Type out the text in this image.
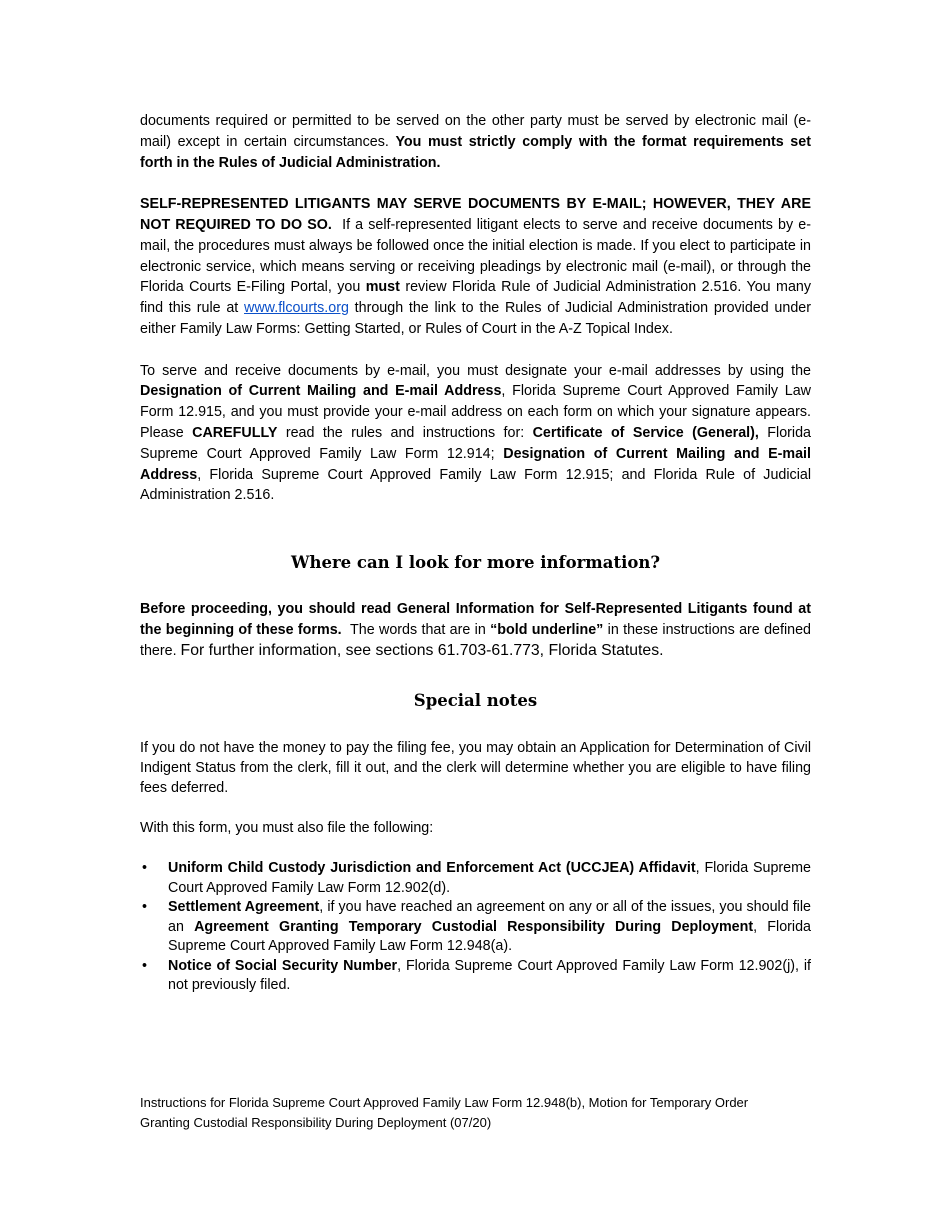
documents required or permitted to be served on the other party must be served by electronic mail (e-mail) except in certain circumstances. You must strictly comply with the format requirements set forth in the Rules of Judicial Administration.

SELF-REPRESENTED LITIGANTS MAY SERVE DOCUMENTS BY E-MAIL; HOWEVER, THEY ARE NOT REQUIRED TO DO SO. If a self-represented litigant elects to serve and receive documents by e-mail, the procedures must always be followed once the initial election is made. If you elect to participate in electronic service, which means serving or receiving pleadings by electronic mail (e-mail), or through the Florida Courts E-Filing Portal, you must review Florida Rule of Judicial Administration 2.516. You many find this rule at www.flcourts.org through the link to the Rules of Judicial Administration provided under either Family Law Forms: Getting Started, or Rules of Court in the A-Z Topical Index.

To serve and receive documents by e-mail, you must designate your e-mail addresses by using the Designation of Current Mailing and E-mail Address, Florida Supreme Court Approved Family Law Form 12.915, and you must provide your e-mail address on each form on which your signature appears. Please CAREFULLY read the rules and instructions for: Certificate of Service (General), Florida Supreme Court Approved Family Law Form 12.914; Designation of Current Mailing and E-mail Address, Florida Supreme Court Approved Family Law Form 12.915; and Florida Rule of Judicial Administration 2.516.

Where can I look for more information?

Before proceeding, you should read General Information for Self-Represented Litigants found at the beginning of these forms. The words that are in “bold underline” in these instructions are defined there. For further information, see sections 61.703-61.773, Florida Statutes.

Special notes

If you do not have the money to pay the filing fee, you may obtain an Application for Determination of Civil Indigent Status from the clerk, fill it out, and the clerk will determine whether you are eligible to have filing fees deferred.

With this form, you must also file the following:

• Uniform Child Custody Jurisdiction and Enforcement Act (UCCJEA) Affidavit, Florida Supreme Court Approved Family Law Form 12.902(d).
• Settlement Agreement, if you have reached an agreement on any or all of the issues, you should file an Agreement Granting Temporary Custodial Responsibility During Deployment, Florida Supreme Court Approved Family Law Form 12.948(a).
• Notice of Social Security Number, Florida Supreme Court Approved Family Law Form 12.902(j), if not previously filed.

Instructions for Florida Supreme Court Approved Family Law Form 12.948(b), Motion for Temporary Order
Granting Custodial Responsibility During Deployment (07/20)
